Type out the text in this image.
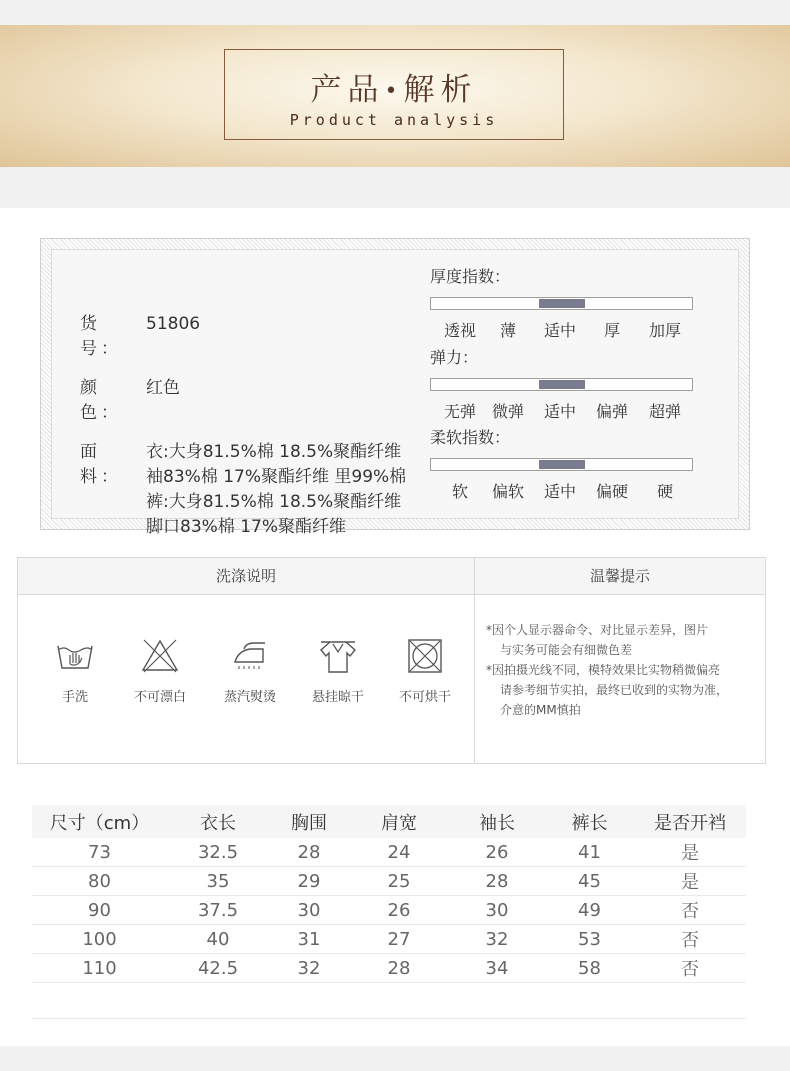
产品•解析
Product analysis
货 号：
51806
颜 色：
红色
面 料：
衣:大身81.5%棉 18.5%聚酯纤维
袖83%棉 17%聚酯纤维 里99%棉
裤:大身81.5%棉 18.5%聚酯纤维
脚口83%棉 17%聚酯纤维
厚度指数：
透视	薄	适中	厚	加厚
弹力：
无弹 微弹	适中	偏弹	超弹
柔软指数：
软	偏软	适中	偏硬	硬
洗涤说明	温馨提示
手洗	不可漂白	蒸汽熨烫	悬挂晾干	不可烘干
*因个人显示器命令、对比显示差异，图片
与实务可能会有细微色差
*因拍摄光线不同，模特效果比实物稍微偏亮
请参考细节实拍，最终已收到的实物为准，
介意的MM慎拍
尺寸（cm）	衣长	胸围	肩宽	袖长	裤长	是否开裆
73	32.5	28	24	26	41	是
80	35	29	25	28	45	是
90	37.5	30	26	30	49	否
100	40	31	27	32	53	否
110	42.5	32	28	34	58	否
